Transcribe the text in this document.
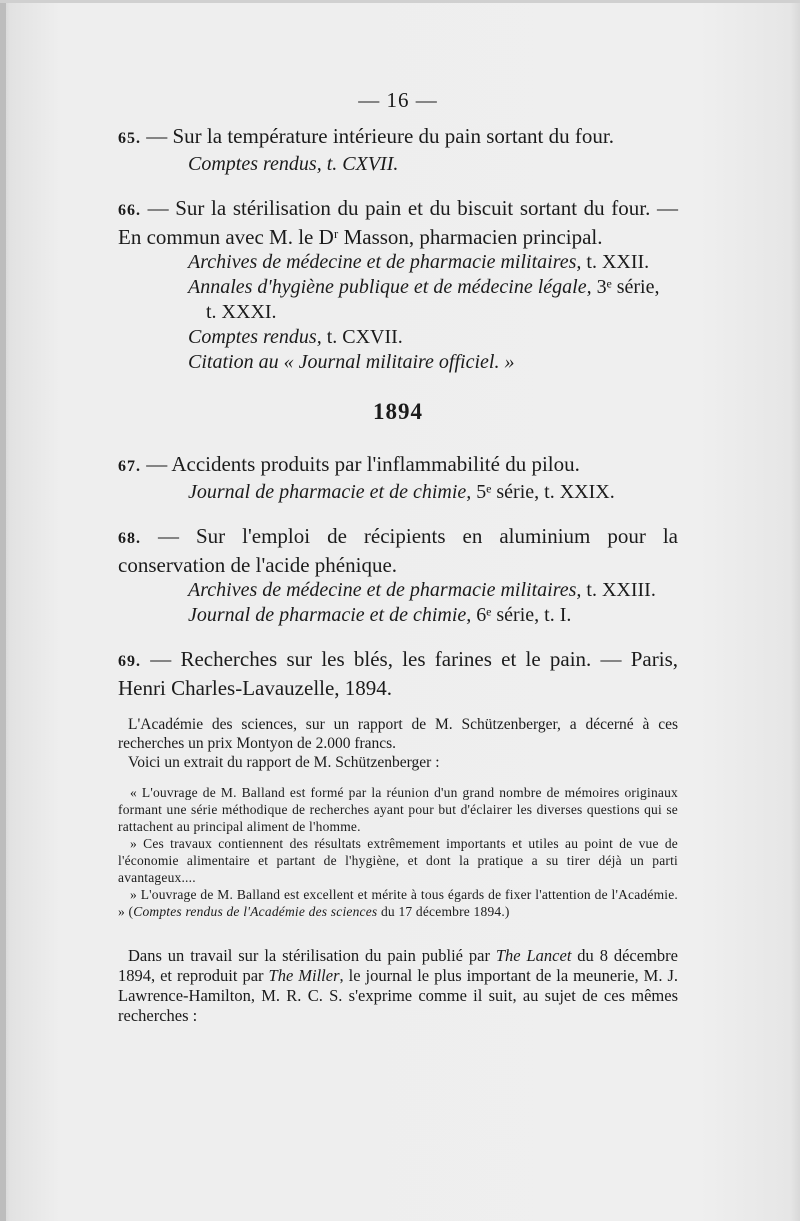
— 16 —
65. — Sur la température intérieure du pain sortant du four.
Comptes rendus, t. CXVII.
66. — Sur la stérilisation du pain et du biscuit sortant du four. — En commun avec M. le Dʳ Masson, pharmacien principal.
Archives de médecine et de pharmacie militaires, t. XXII.
Annales d'hygiène publique et de médecine légale, 3ᵉ série,
t. XXXI.
Comptes rendus, t. CXVII.
Citation au « Journal militaire officiel. »
1894
67. — Accidents produits par l'inflammabilité du pilou.
Journal de pharmacie et de chimie, 5ᵉ série, t. XXIX.
68. — Sur l'emploi de récipients en aluminium pour la conservation de l'acide phénique.
Archives de médecine et de pharmacie militaires, t. XXIII.
Journal de pharmacie et de chimie, 6ᵉ série, t. I.
69. — Recherches sur les blés, les farines et le pain. — Paris, Henri Charles-Lavauzelle, 1894.

L'Académie des sciences, sur un rapport de M. Schützenberger, a décerné à ces recherches un prix Montyon de 2.000 francs.

Voici un extrait du rapport de M. Schützenberger :

« L'ouvrage de M. Balland est formé par la réunion d'un grand nombre de mémoires originaux formant une série méthodique de recherches ayant pour but d'éclairer les diverses questions qui se rattachent au principal aliment de l'homme.

» Ces travaux contiennent des résultats extrêmement importants et utiles au point de vue de l'économie alimentaire et partant de l'hygiène, et dont la pratique a su tirer déjà un parti avantageux....

» L'ouvrage de M. Balland est excellent et mérite à tous égards de fixer l'attention de l'Académie. » (Comptes rendus de l'Académie des sciences du 17 décembre 1894.)

Dans un travail sur la stérilisation du pain publié par The Lancet du 8 décembre 1894, et reproduit par The Miller, le journal le plus important de la meunerie, M. J. Lawrence-Hamilton, M. R. C. S. s'exprime comme il suit, au sujet de ces mêmes recherches :
